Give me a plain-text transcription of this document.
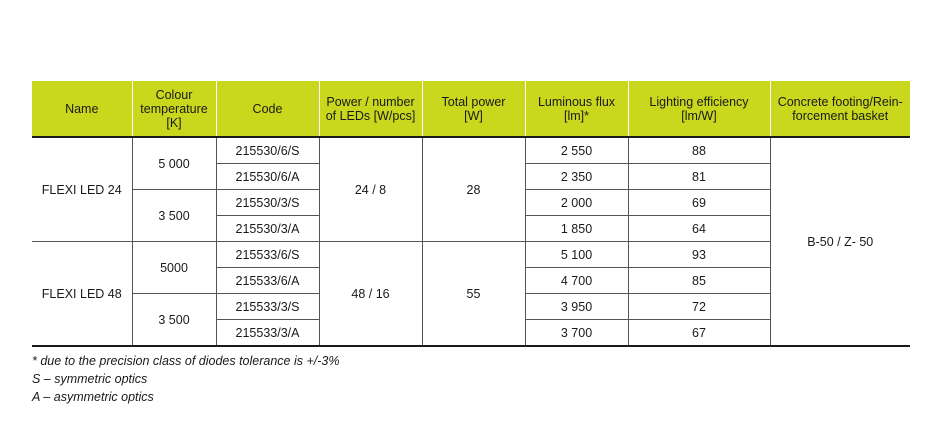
Name	Colour
temperature
[K]	Code	Power / number
of LEDs [W/pcs]	Total power
[W]	Luminous flux
[lm]*	Lighting efficiency
[lm/W]	Concrete footing/Rein-
forcement basket
FLEXI LED 24	5 000	215530/6/S	24 / 8	28	2 550	88	B-50 / Z- 50
		215530/6/A			2 350	81	
	3 500	215530/3/S			2 000	69	
		215530/3/A			1 850	64	
FLEXI LED 48	5000	215533/6/S	48 / 16	55	5 100	93	
		215533/6/A			4 700	85	
	3 500	215533/3/S			3 950	72	
		215533/3/A			3 700	67	
* due to the precision class of diodes tolerance is +/-3%
S – symmetric optics
A – asymmetric optics
